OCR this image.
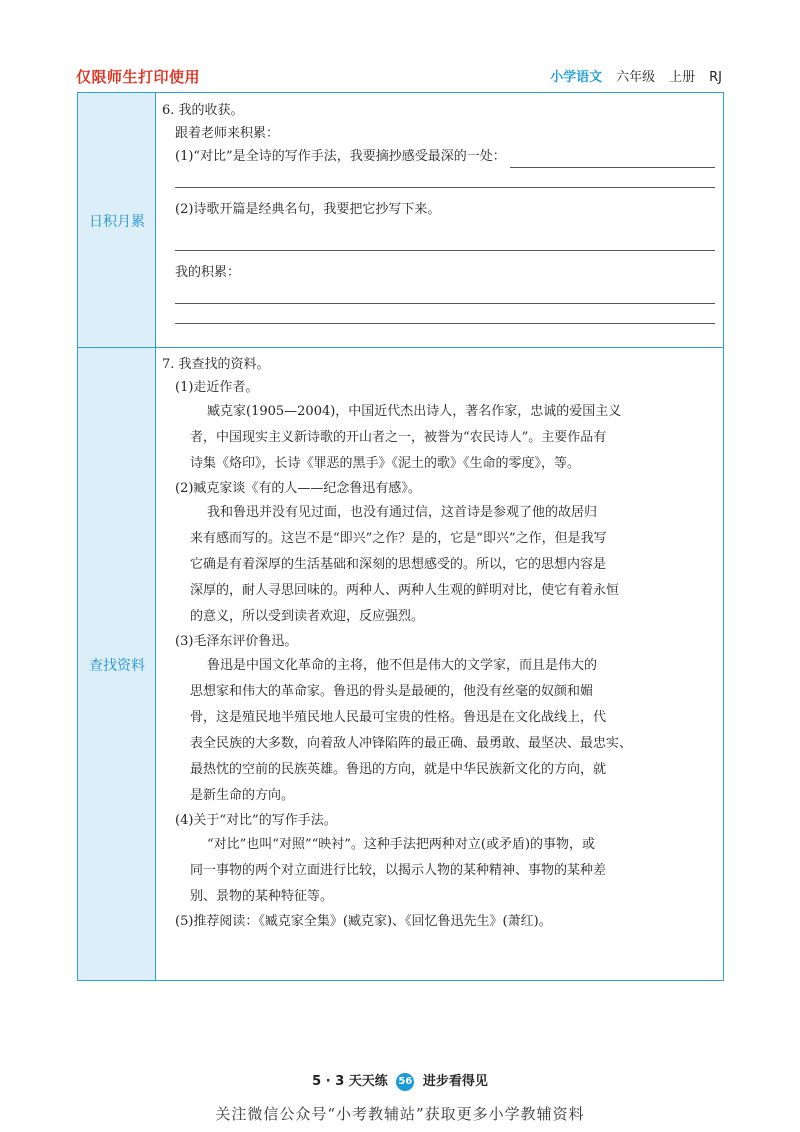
仅限师生打印使用	小学语文 六年级 上册 RJ
日积月累
查找资料

6. 我的收获。

跟着老师来积累：

(1)“对比”是全诗的写作手法，我要摘抄感受最深的一处：

(2)诗歌开篇是经典名句，我要把它抄写下来。

我的积累：

7. 我查找的资料。

(1)走近作者。

臧克家(1905—2004)，中国近代杰出诗人，著名作家，忠诚的爱国主义

者，中国现实主义新诗歌的开山者之一，被誉为“农民诗人”。主要作品有

诗集《烙印》，长诗《罪恶的黑手》《泥土的歌》《生命的零度》，等。

(2)臧克家谈《有的人——纪念鲁迅有感》。

我和鲁迅并没有见过面，也没有通过信，这首诗是参观了他的故居归

来有感而写的。这岂不是“即兴”之作？是的，它是“即兴”之作，但是我写

它确是有着深厚的生活基础和深刻的思想感受的。所以，它的思想内容是

深厚的，耐人寻思回味的。两种人、两种人生观的鲜明对比，使它有着永恒

的意义，所以受到读者欢迎，反应强烈。

(3)毛泽东评价鲁迅。

鲁迅是中国文化革命的主将，他不但是伟大的文学家，而且是伟大的

思想家和伟大的革命家。鲁迅的骨头是最硬的，他没有丝毫的奴颜和媚

骨，这是殖民地半殖民地人民最可宝贵的性格。鲁迅是在文化战线上，代

表全民族的大多数，向着敌人冲锋陷阵的最正确、最勇敢、最坚决、最忠实、

最热忱的空前的民族英雄。鲁迅的方向，就是中华民族新文化的方向，就

是新生命的方向。

(4)关于“对比”的写作手法。

“对比”也叫“对照”“映衬”。这种手法把两种对立(或矛盾)的事物，或

同一事物的两个对立面进行比较，以揭示人物的某种精神、事物的某种差

别、景物的某种特征等。

(5)推荐阅读：《臧克家全集》(臧克家)、《回忆鲁迅先生》(萧红)。

5 · 3 天天练 56 进步看得见
关注微信公众号“小考教辅站”获取更多小学教辅资料
